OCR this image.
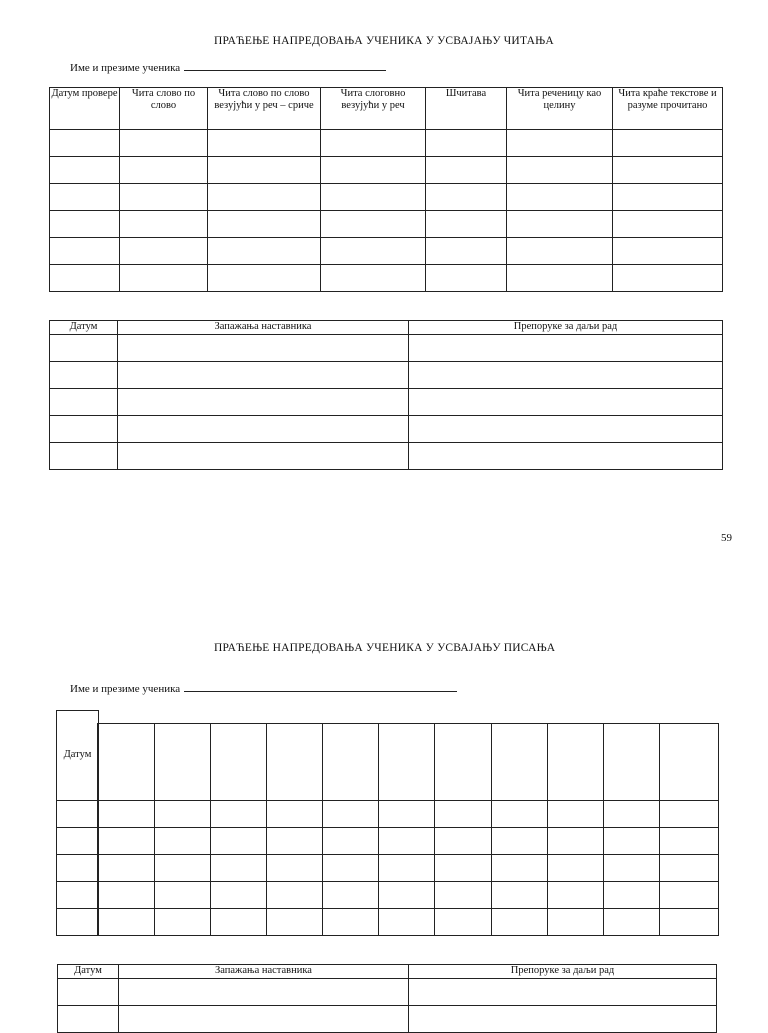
ПРАЋЕЊЕ НАПРЕДОВАЊА УЧЕНИКА У УСВАЈАЊУ ЧИТАЊА
Име и презиме ученика
Датум провере	Чита слово по слово	Чита слово по слово везујући у реч – сриче	Чита слоговно везујући у реч	Шчитава	Чита реченицу као целину	Чита краће текстове и разуме прочитано

Датум	Запажања наставника	Препоруке за даљи рад

59
ПРАЋЕЊЕ НАПРЕДОВАЊА УЧЕНИКА У УСВАЈАЊУ ПИСАЊА
Име и презиме ученика
Датум

Датум	Запажања наставника	Препоруке за даљи рад
